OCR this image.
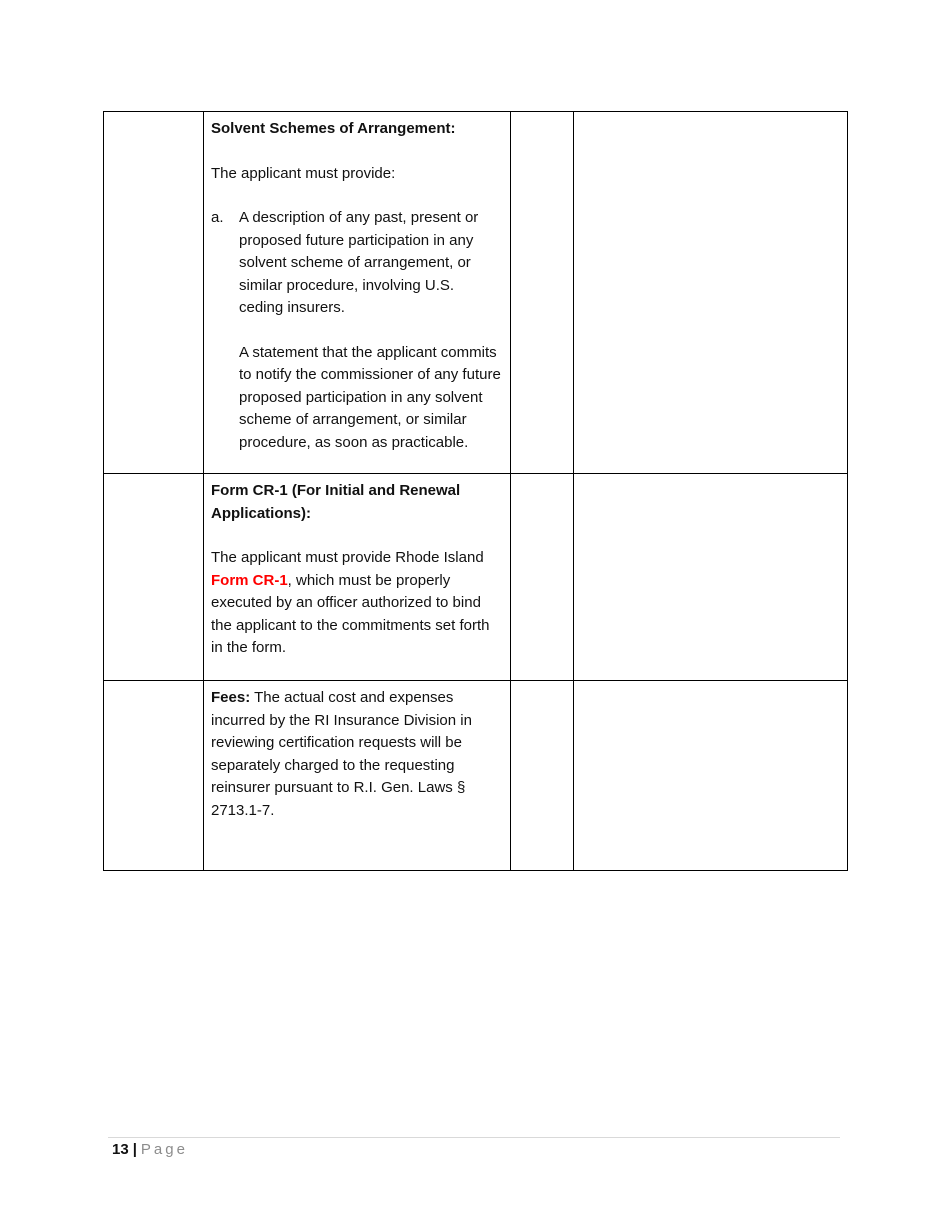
	Solvent Schemes of Arrangement:

The applicant must provide:

a. A description of any past, present or proposed future participation in any solvent scheme of arrangement, or similar procedure, involving U.S. ceding insurers.

A statement that the applicant commits to notify the commissioner of any future proposed participation in any solvent scheme of arrangement, or similar procedure, as soon as practicable.		

	Form CR-1 (For Initial and Renewal Applications):

The applicant must provide Rhode Island Form CR-1, which must be properly executed by an officer authorized to bind the applicant to the commitments set forth in the form.		

	Fees: The actual cost and expenses incurred by the RI Insurance Division in reviewing certification requests will be separately charged to the requesting reinsurer pursuant to R.I. Gen. Laws § 2713.1-7.		

13 | Page
